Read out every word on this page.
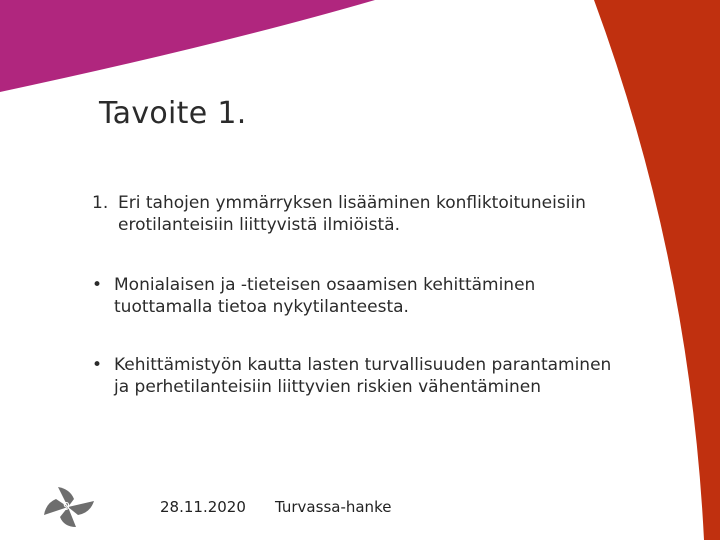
Tavoite 1.
1. Eri tahojen ymmärryksen lisääminen konfliktoituneisiin erotilanteisiin liittyvistä ilmiöistä.
• Monialaisen ja -tieteisen osaamisen kehittäminen tuottamalla tietoa nykytilanteesta.
• Kehittämistyön kautta lasten turvallisuuden parantaminen ja perhetilanteisiin liittyvien riskien vähentäminen
9	28.11.2020 Turvassa-hanke
